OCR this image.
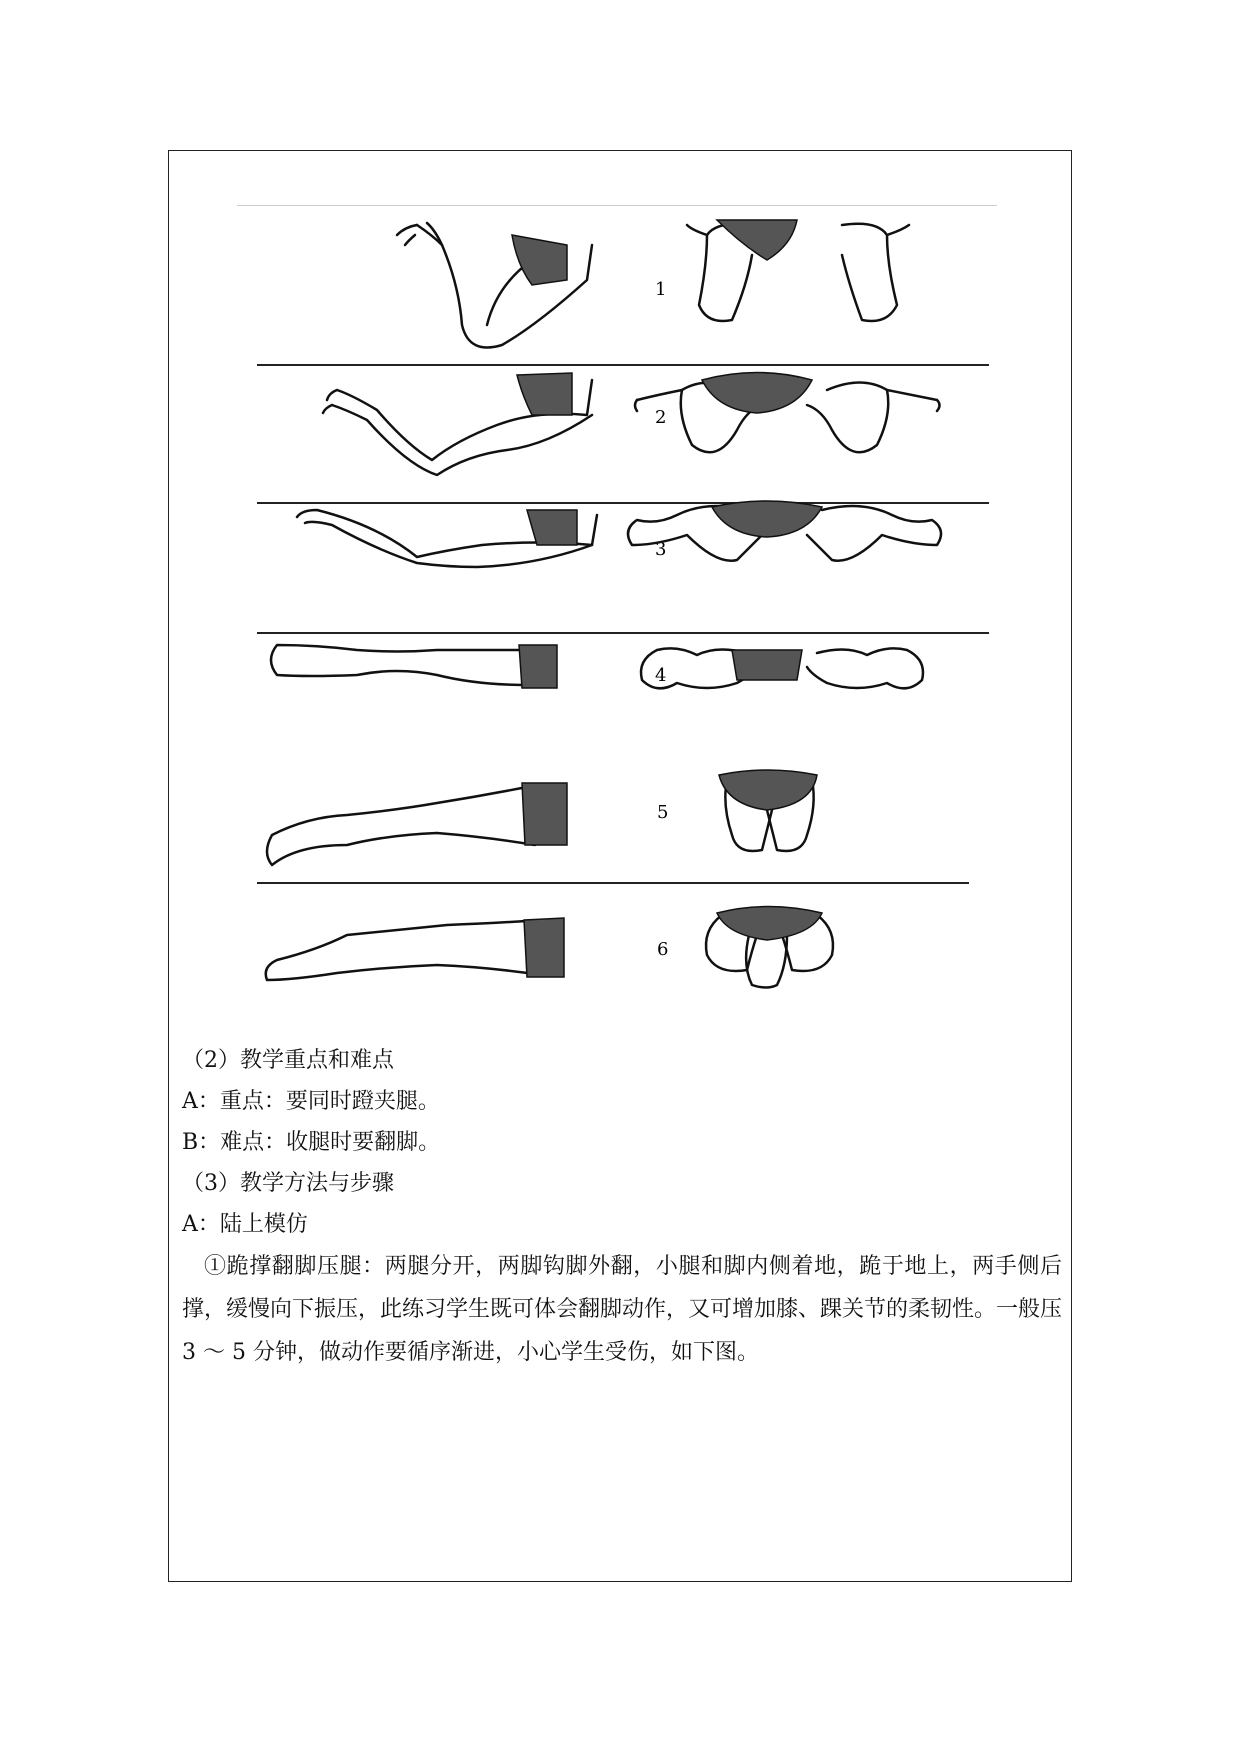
1
2
3
4
5
6
（2）教学重点和难点
A：重点：要同时蹬夹腿。
B：难点：收腿时要翻脚。
（3）教学方法与步骤
A：陆上模仿
①跪撑翻脚压腿：两腿分开，两脚钩脚外翻，小腿和脚内侧着地，跪于地上，两手侧后撑，缓慢向下振压，此练习学生既可体会翻脚动作，又可增加膝、踝关节的柔韧性。一般压 3 ～ 5 分钟，做动作要循序渐进，小心学生受伤，如下图。
